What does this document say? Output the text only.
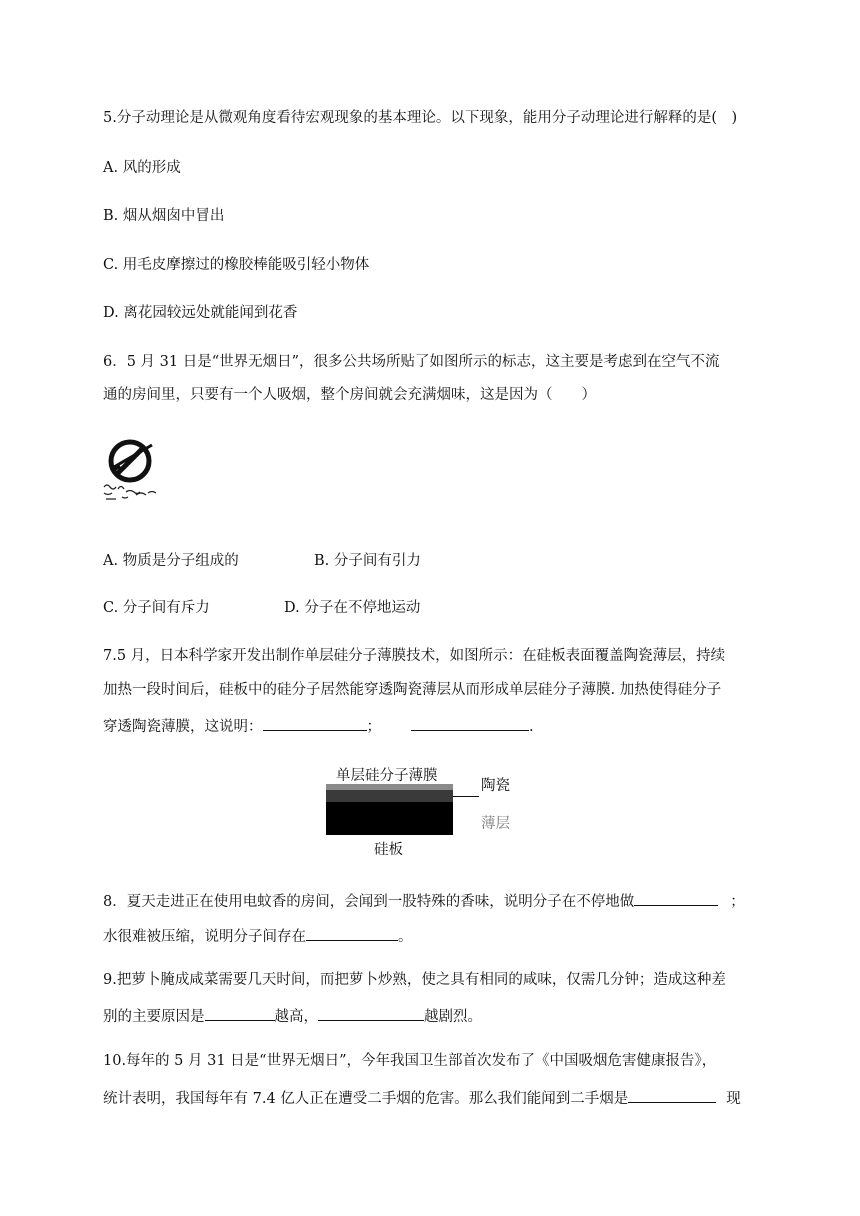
5.分子动理论是从微观角度看待宏观现象的基本理论。以下现象，能用分子动理论进行解释的是(　)
A. 风的形成
B. 烟从烟囱中冒出
C. 用毛皮摩擦过的橡胶棒能吸引轻小物体
D. 离花园较远处就能闻到花香
6．5 月 31 日是“世界无烟日”，很多公共场所贴了如图所示的标志，这主要是考虑到在空气不流
通的房间里，只要有一个人吸烟，整个房间就会充满烟味，这是因为（　　）
A. 物质是分子组成的	B. 分子间有引力
C. 分子间有斥力	D. 分子在不停地运动
7.5 月，日本科学家开发出制作单层硅分子薄膜技术，如图所示：在硅板表面覆盖陶瓷薄层，持续
加热一段时间后，硅板中的硅分子居然能穿透陶瓷薄层从而形成单层硅分子薄膜. 加热使得硅分子
穿透陶瓷薄膜，这说明：	；	.
单层硅分子薄膜
陶瓷
薄层
硅板
8．夏天走进正在使用电蚊香的房间，会闻到一股特殊的香味，说明分子在不停地做	；
水很难被压缩，说明分子间存在	。
9.把萝卜腌成咸菜需要几天时间，而把萝卜炒熟，使之具有相同的咸味，仅需几分钟；造成这种差
别的主要原因是	越高，	越剧烈。
10.每年的 5 月 31 日是“世界无烟日”，今年我国卫生部首次发布了《中国吸烟危害健康报告》，
统计表明，我国每年有 7.4 亿人正在遭受二手烟的危害。那么我们能闻到二手烟是	现
